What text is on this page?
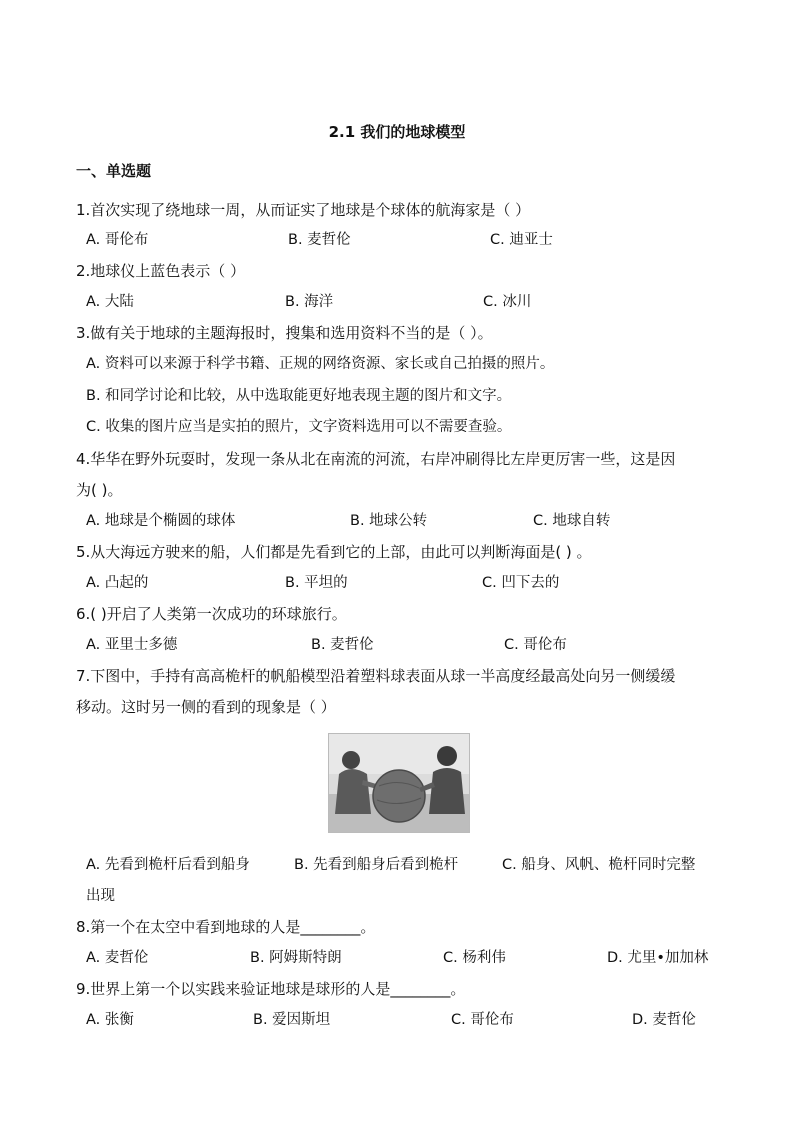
2.1 我们的地球模型
一、单选题
1.首次实现了绕地球一周，从而证实了地球是个球体的航海家是（ ）
A. 哥伦布	B. 麦哲伦	C. 迪亚士
2.地球仪上蓝色表示（ ）
A. 大陆	B. 海洋	C. 冰川
3.做有关于地球的主题海报时，搜集和选用资料不当的是（ ）。
A. 资料可以来源于科学书籍、正规的网络资源、家长或自己拍摄的照片。
B. 和同学讨论和比较，从中选取能更好地表现主题的图片和文字。
C. 收集的图片应当是实拍的照片，文字资料选用可以不需要查验。
4.华华在野外玩耍时，发现一条从北在南流的河流，右岸冲刷得比左岸更厉害一些，这是因
为( )。
A. 地球是个椭圆的球体	B. 地球公转	C. 地球自转
5.从大海远方驶来的船，人们都是先看到它的上部，由此可以判断海面是( ) 。
A. 凸起的	B. 平坦的	C. 凹下去的
6.( )开启了人类第一次成功的环球旅行。
A. 亚里士多德	B. 麦哲伦	C. 哥伦布
7.下图中，手持有高高桅杆的帆船模型沿着塑料球表面从球一半高度经最高处向另一侧缓缓
移动。这时另一侧的看到的现象是（ ）
A. 先看到桅杆后看到船身	B. 先看到船身后看到桅杆	C. 船身、风帆、桅杆同时完整
出现
8.第一个在太空中看到地球的人是________。
A. 麦哲伦	B. 阿姆斯特朗	C. 杨利伟	D. 尤里•加加林
9.世界上第一个以实践来验证地球是球形的人是________。
A. 张衡	B. 爱因斯坦	C. 哥伦布	D. 麦哲伦
